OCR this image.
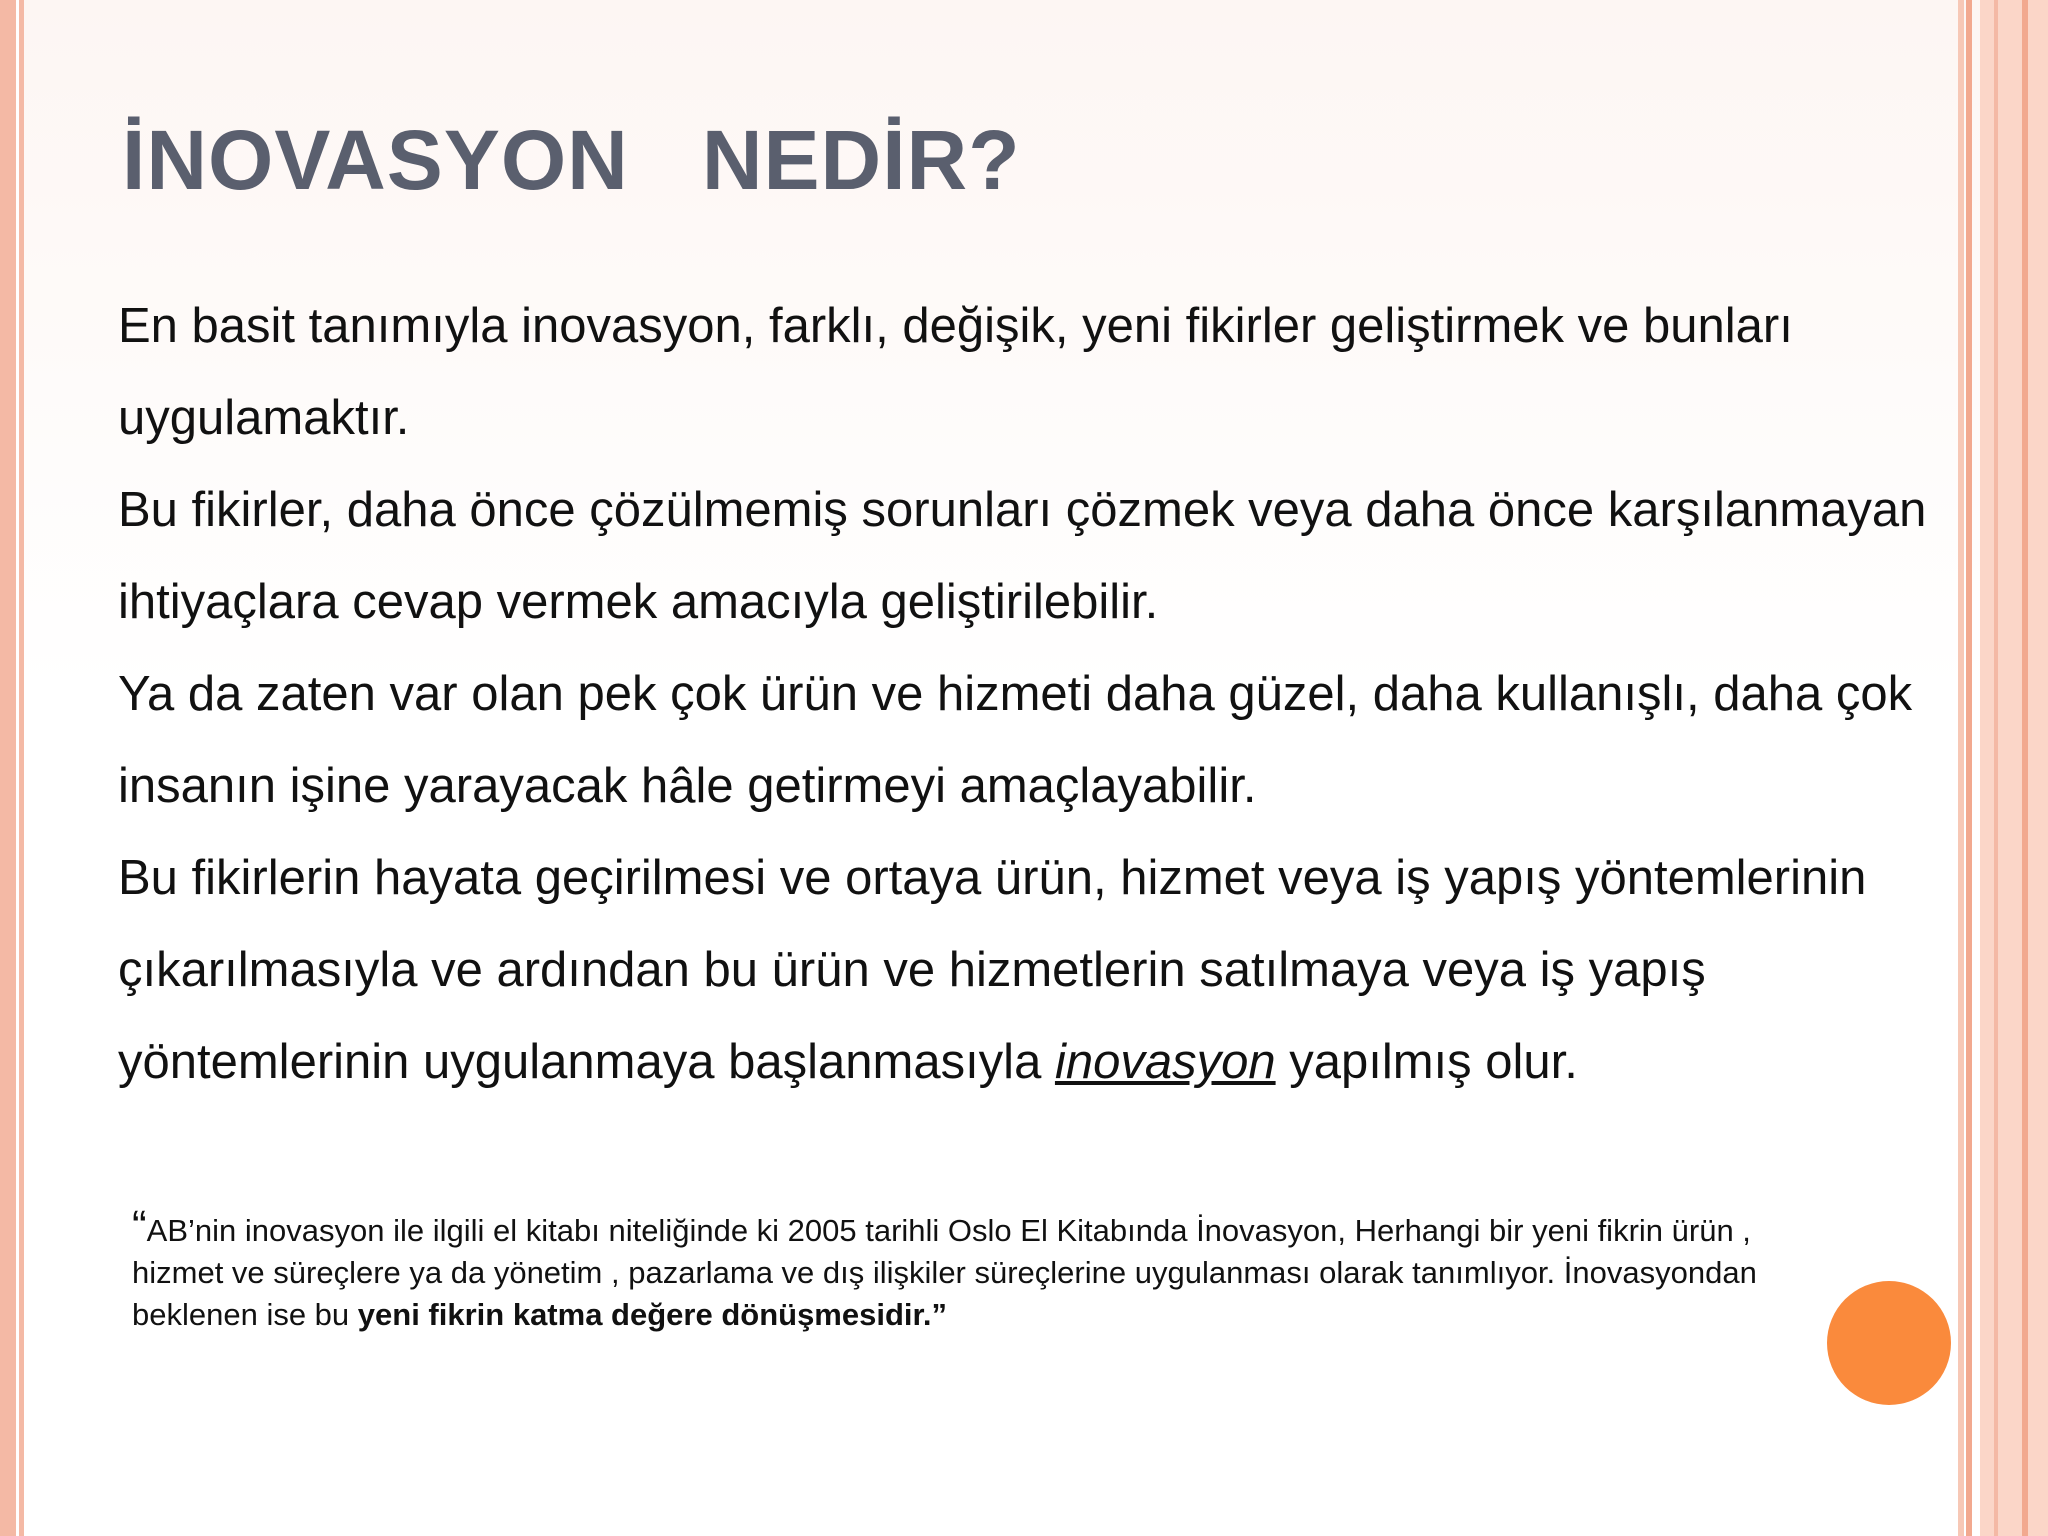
İNOVASYON   NEDİR?

En basit tanımıyla inovasyon, farklı, değişik, yeni fikirler geliştirmek ve bunları uygulamaktır.

Bu fikirler, daha önce çözülmemiş sorunları çözmek veya daha önce karşılanmayan ihtiyaçlara cevap vermek amacıyla geliştirilebilir.

Ya da zaten var olan pek çok ürün ve hizmeti daha güzel, daha kullanışlı, daha çok insanın işine yarayacak hâle getirmeyi amaçlayabilir.

Bu fikirlerin hayata geçirilmesi ve ortaya ürün, hizmet veya iş yapış yöntemlerinin çıkarılmasıyla ve ardından bu ürün ve hizmetlerin satılmaya veya iş yapış yöntemlerinin uygulanmaya başlanmasıyla inovasyon yapılmış olur.

“AB’nin inovasyon ile ilgili el kitabı niteliğinde ki 2005 tarihli Oslo El Kitabında İnovasyon, Herhangi bir yeni fikrin ürün , hizmet ve süreçlere ya da yönetim , pazarlama ve dış ilişkiler süreçlerine uygulanması olarak tanımlıyor. İnovasyondan beklenen ise bu yeni fikrin katma değere dönüşmesidir.”
